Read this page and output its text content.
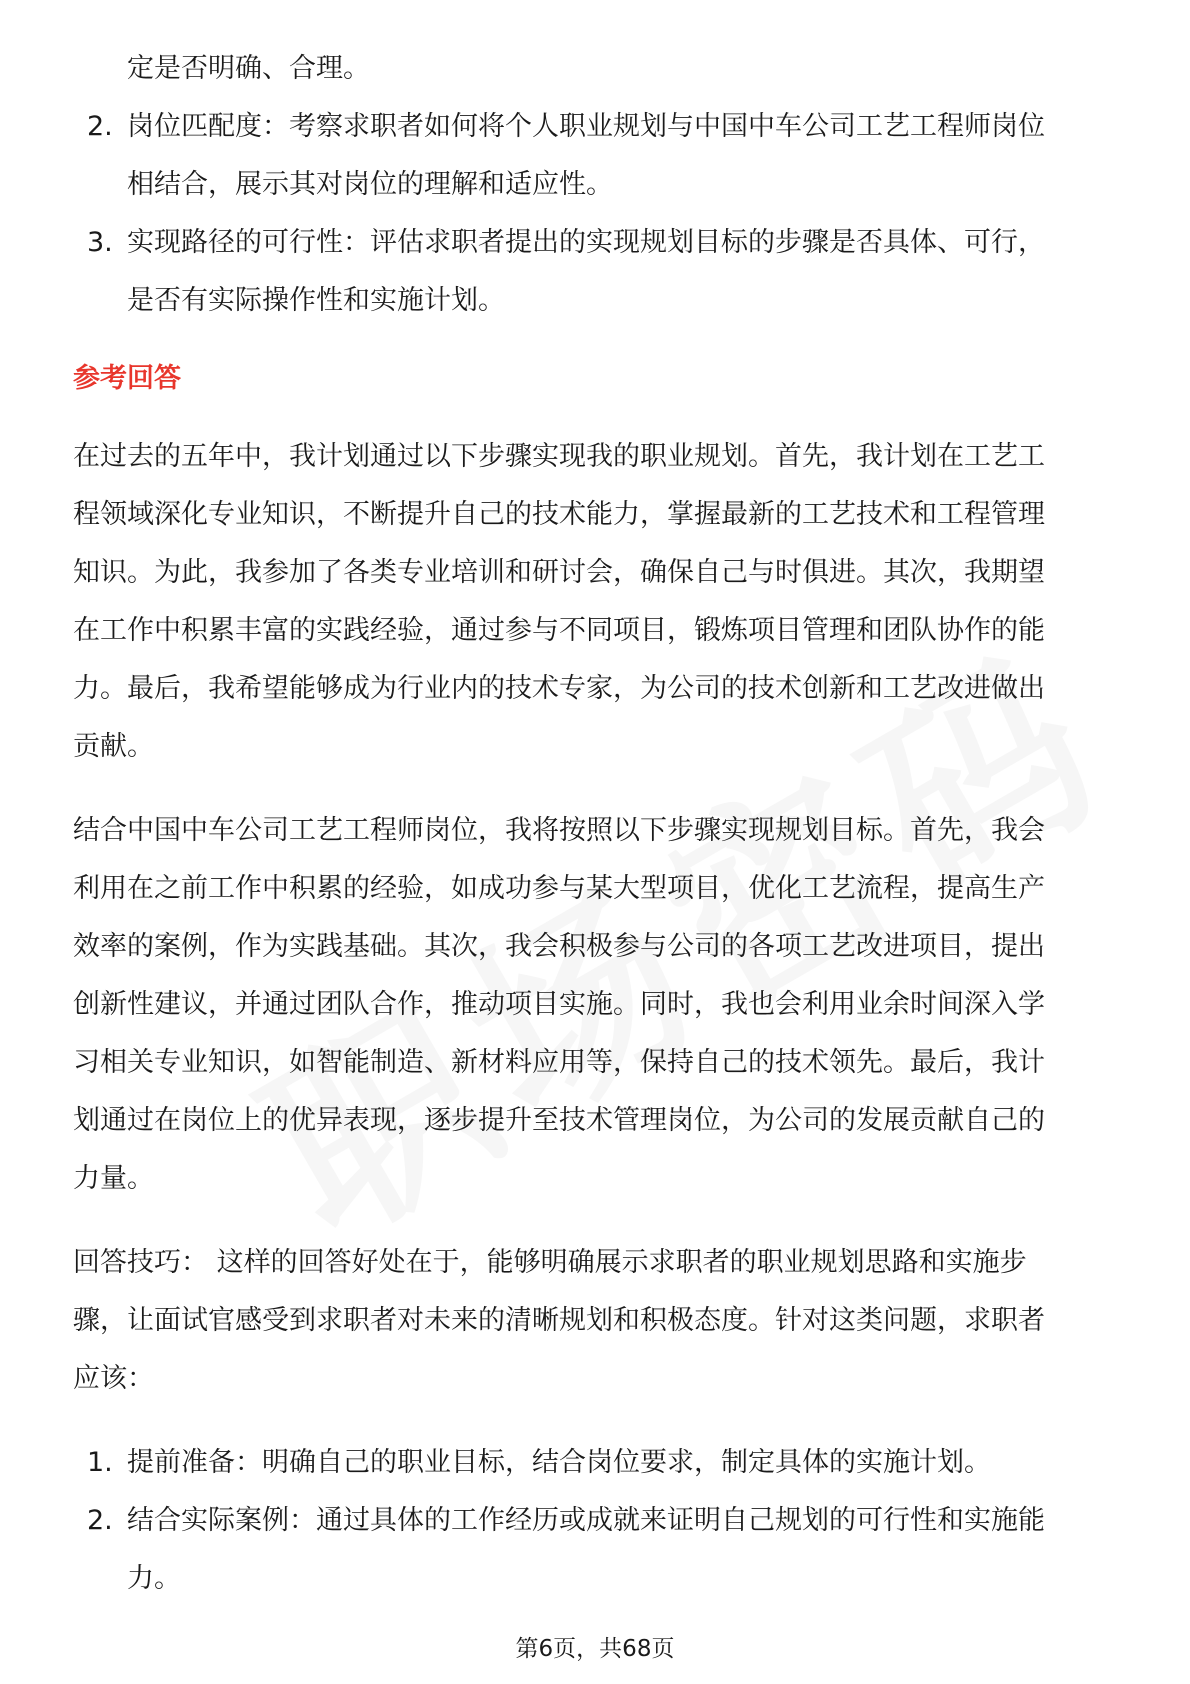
定是否明确、合理。

2. 岗位匹配度：考察求职者如何将个人职业规划与中国中车公司工艺工程师岗位

相结合，展示其对岗位的理解和适应性。

3. 实现路径的可行性：评估求职者提出的实现规划目标的步骤是否具体、可行，

是否有实际操作性和实施计划。

参考回答

在过去的五年中，我计划通过以下步骤实现我的职业规划。首先，我计划在工艺工

程领域深化专业知识，不断提升自己的技术能力，掌握最新的工艺技术和工程管理

知识。为此，我参加了各类专业培训和研讨会，确保自己与时俱进。其次，我期望

在工作中积累丰富的实践经验，通过参与不同项目，锻炼项目管理和团队协作的能

力。最后，我希望能够成为行业内的技术专家，为公司的技术创新和工艺改进做出

贡献。

结合中国中车公司工艺工程师岗位，我将按照以下步骤实现规划目标。首先，我会

利用在之前工作中积累的经验，如成功参与某大型项目，优化工艺流程，提高生产

效率的案例，作为实践基础。其次，我会积极参与公司的各项工艺改进项目，提出

创新性建议，并通过团队合作，推动项目实施。同时，我也会利用业余时间深入学

习相关专业知识，如智能制造、新材料应用等，保持自己的技术领先。最后，我计

划通过在岗位上的优异表现，逐步提升至技术管理岗位，为公司的发展贡献自己的

力量。

回答技巧： 这样的回答好处在于，能够明确展示求职者的职业规划思路和实施步

骤，让面试官感受到求职者对未来的清晰规划和积极态度。针对这类问题，求职者

应该：

1. 提前准备：明确自己的职业目标，结合岗位要求，制定具体的实施计划。

2. 结合实际案例：通过具体的工作经历或成就来证明自己规划的可行性和实施能

力。

第6页，共68页
